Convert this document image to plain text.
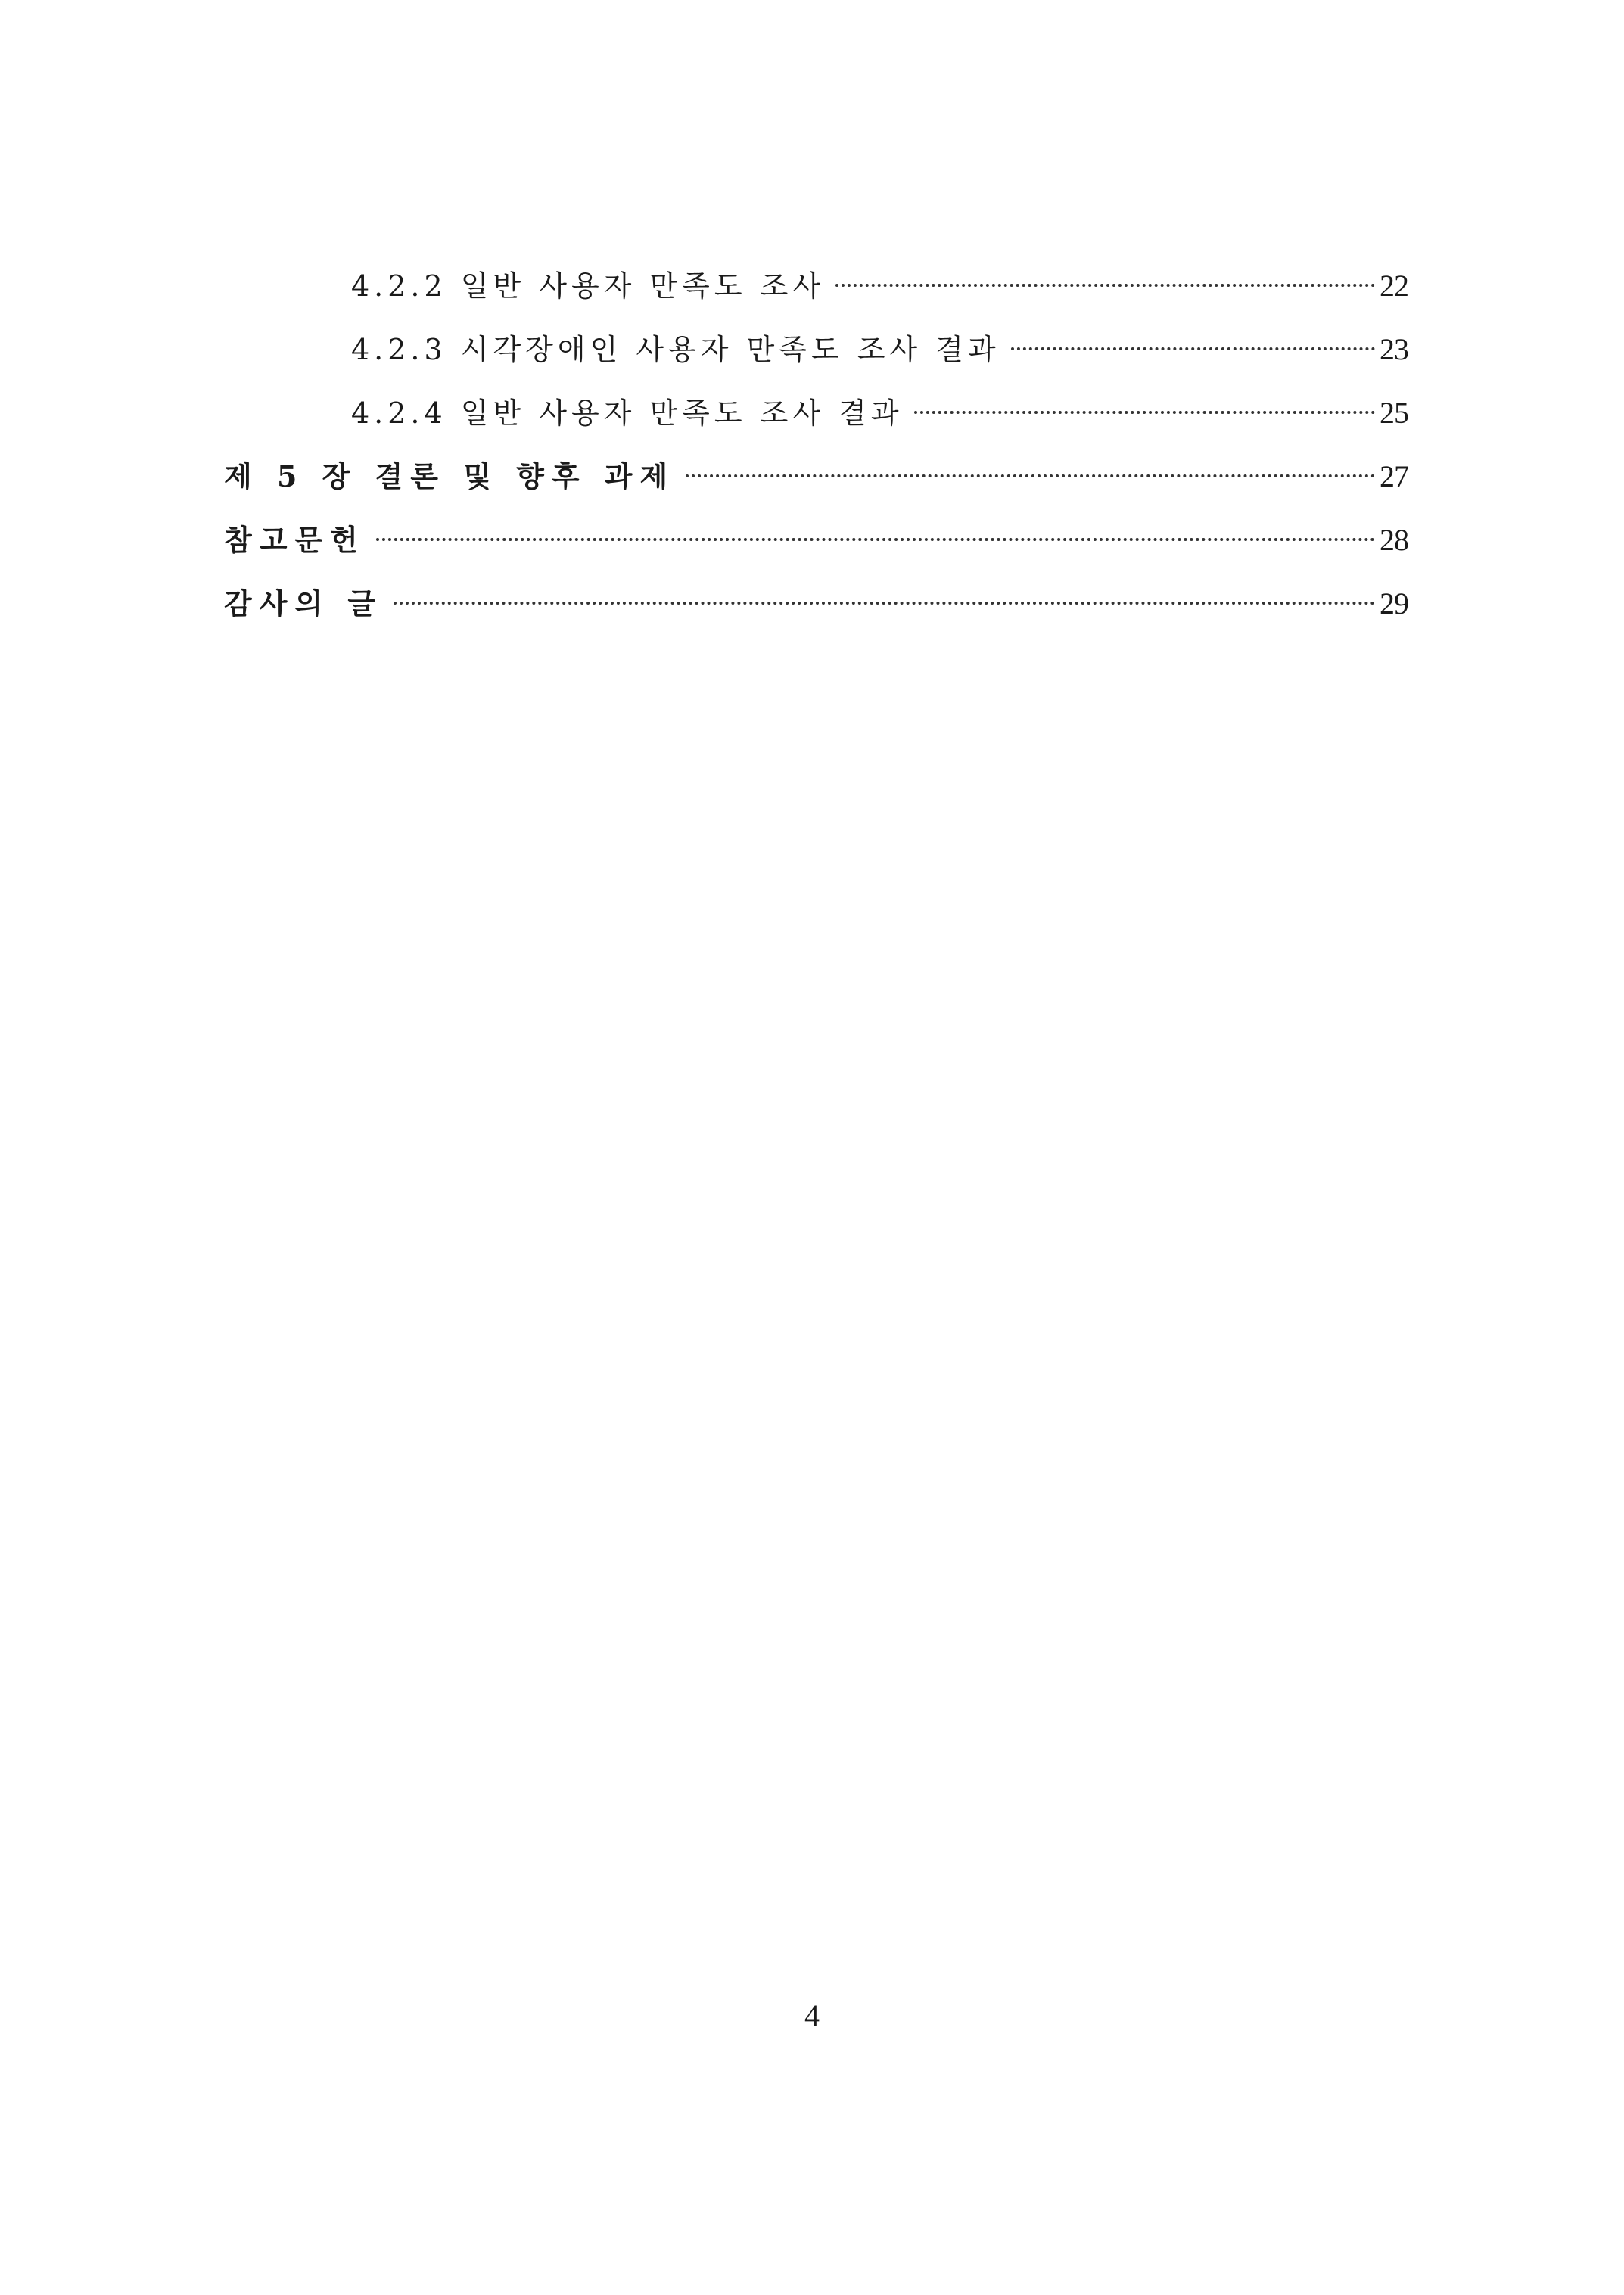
4.2.2 일반 사용자 만족도 조사	22
4.2.3 시각장애인 사용자 만족도 조사 결과	23
4.2.4 일반 사용자 만족도 조사 결과	25
제 5 장 결론 및 향후 과제	27
참고문헌	28
감사의 글	29
4
